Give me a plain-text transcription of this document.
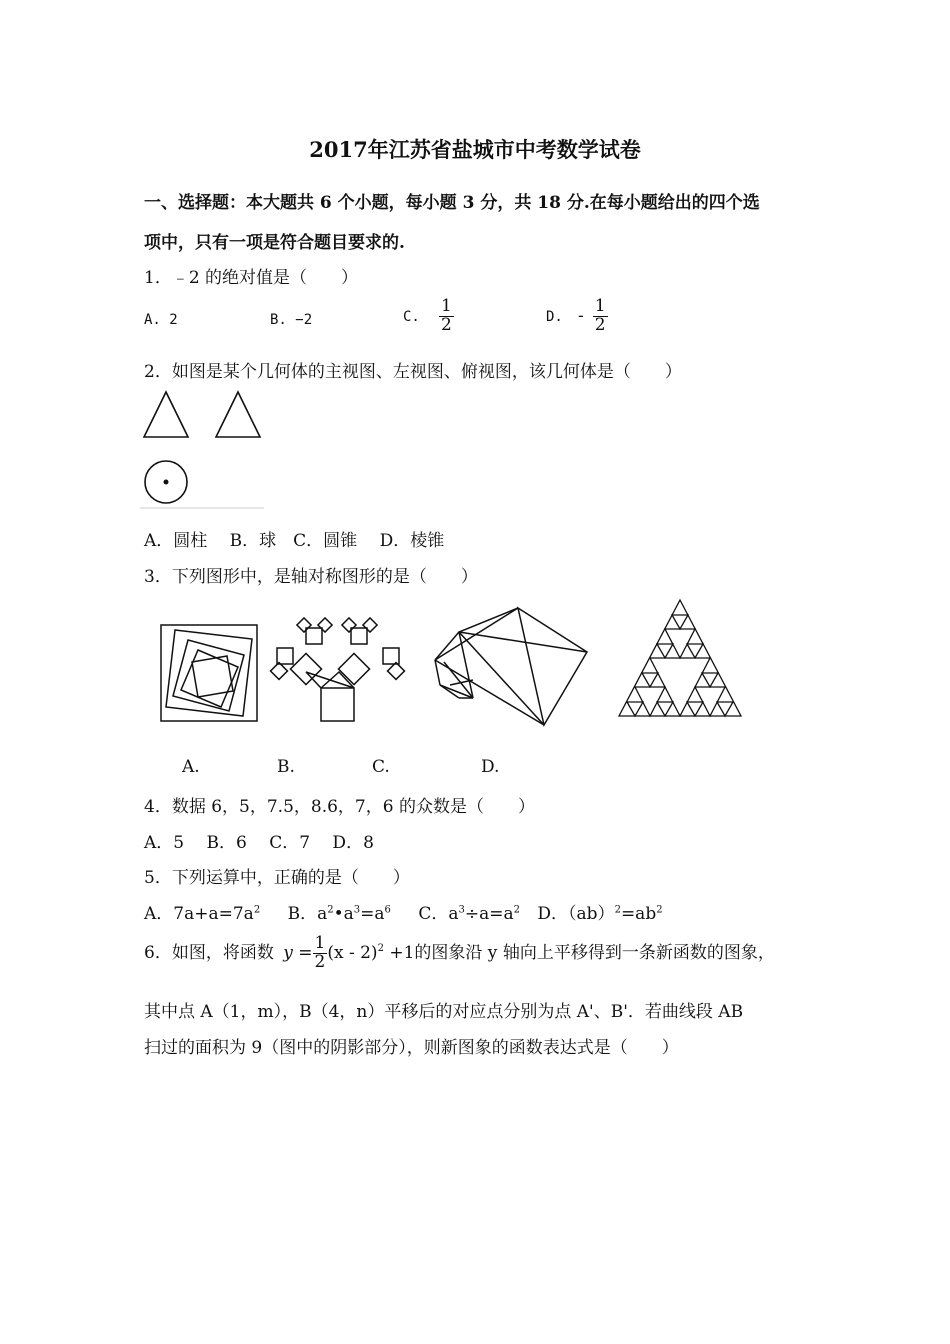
2017年江苏省盐城市中考数学试卷
一、选择题：本大题共 6 个小题，每小题 3 分，共 18 分.在每小题给出的四个选
项中，只有一项是符合题目要求的.
1．﹣2 的绝对值是（　　）
A. 2	B. −2	C. $\frac{1}{2}$	D. - $\frac{1}{2}$
2．如图是某个几何体的主视图、左视图、俯视图，该几何体是（　　）
A．圆柱　 B．球　C．圆锥　 D．棱锥
3．下列图形中，是轴对称图形的是（　　）
A.	B.	C.	D.
4．数据 6，5，7.5，8.6，7，6 的众数是（　　）
A．5　 B．6　 C．7　 D．8
5．下列运算中，正确的是（　　）
A．$7a+a=7a^2$ B．$a^2•a^3=a^6$ C．$a^3\div a=a^2$ D．$(ab)^2=ab^2$
6．如图，将函数 $y = \frac{1}{2} (x - 2)^2 +1$的图象沿 y 轴向上平移得到一条新函数的图象，
其中点 A（1，m），B（4，n）平移后的对应点分别为点 A'、B'．若曲线段 AB
扫过的面积为 9（图中的阴影部分），则新图象的函数表达式是（　　）
